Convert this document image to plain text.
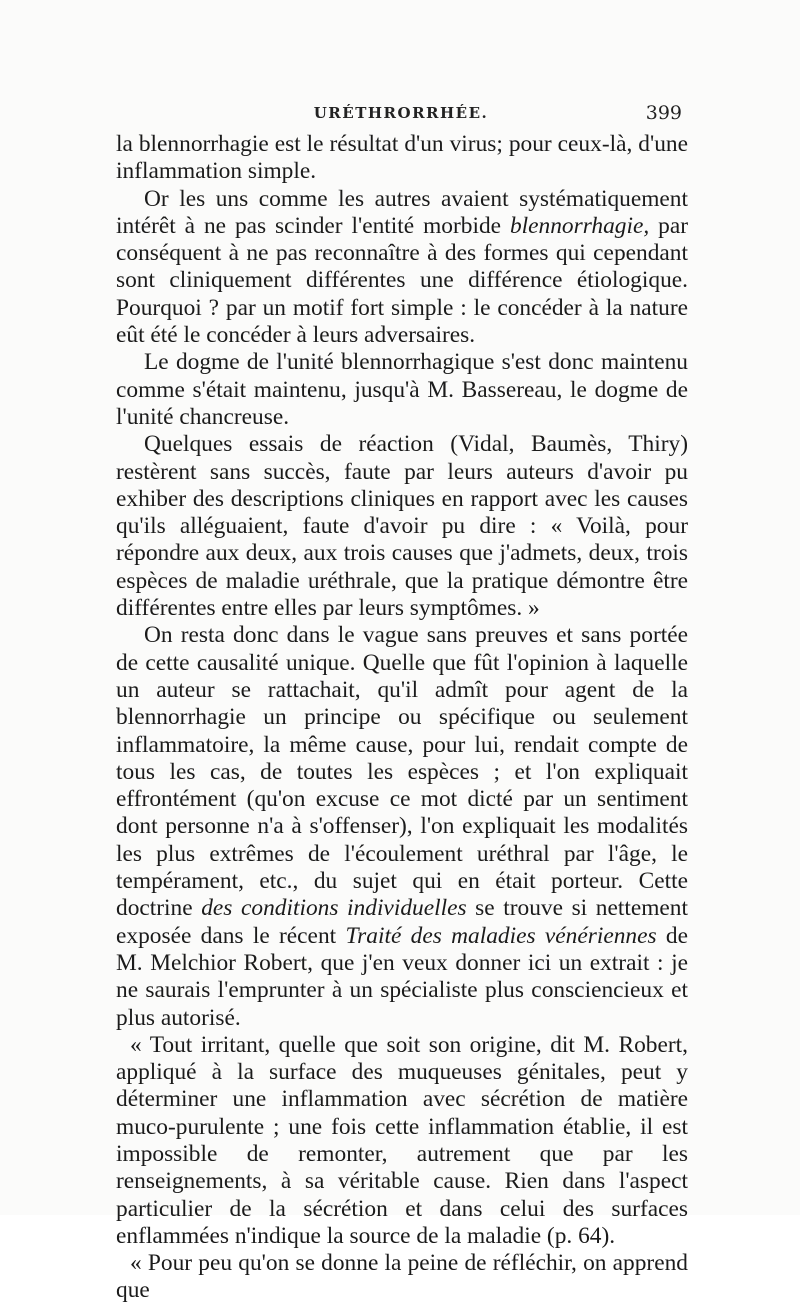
URÉTHRORRHÉE.	399

la blennorrhagie est le résultat d'un virus; pour ceux-là, d'une inflammation simple.

Or les uns comme les autres avaient systématiquement intérêt à ne pas scinder l'entité morbide blennorrhagie, par conséquent à ne pas reconnaître à des formes qui cependant sont cliniquement différentes une différence étiologique. Pourquoi ? par un motif fort simple : le concéder à la nature eût été le concéder à leurs adversaires.

Le dogme de l'unité blennorrhagique s'est donc maintenu comme s'était maintenu, jusqu'à M. Bassereau, le dogme de l'unité chancreuse.

Quelques essais de réaction (Vidal, Baumès, Thiry) restèrent sans succès, faute par leurs auteurs d'avoir pu exhiber des descriptions cliniques en rapport avec les causes qu'ils alléguaient, faute d'avoir pu dire : « Voilà, pour répondre aux deux, aux trois causes que j'admets, deux, trois espèces de maladie uréthrale, que la pratique démontre être différentes entre elles par leurs symptômes. »

On resta donc dans le vague sans preuves et sans portée de cette causalité unique. Quelle que fût l'opinion à laquelle un auteur se rattachait, qu'il admît pour agent de la blennorrhagie un principe ou spécifique ou seulement inflammatoire, la même cause, pour lui, rendait compte de tous les cas, de toutes les espèces ; et l'on expliquait effrontément (qu'on excuse ce mot dicté par un sentiment dont personne n'a à s'offenser), l'on expliquait les modalités les plus extrêmes de l'écoulement uréthral par l'âge, le tempérament, etc., du sujet qui en était porteur. Cette doctrine des conditions individuelles se trouve si nettement exposée dans le récent Traité des maladies vénériennes de M. Melchior Robert, que j'en veux donner ici un extrait : je ne saurais l'emprunter à un spécialiste plus consciencieux et plus autorisé.

« Tout irritant, quelle que soit son origine, dit M. Robert, appliqué à la surface des muqueuses génitales, peut y déterminer une inflammation avec sécrétion de matière muco-purulente ; une fois cette inflammation établie, il est impossible de remonter, autrement que par les renseignements, à sa véritable cause. Rien dans l'aspect particulier de la sécrétion et dans celui des surfaces enflammées n'indique la source de la maladie (p. 64).

« Pour peu qu'on se donne la peine de réfléchir, on apprend que
